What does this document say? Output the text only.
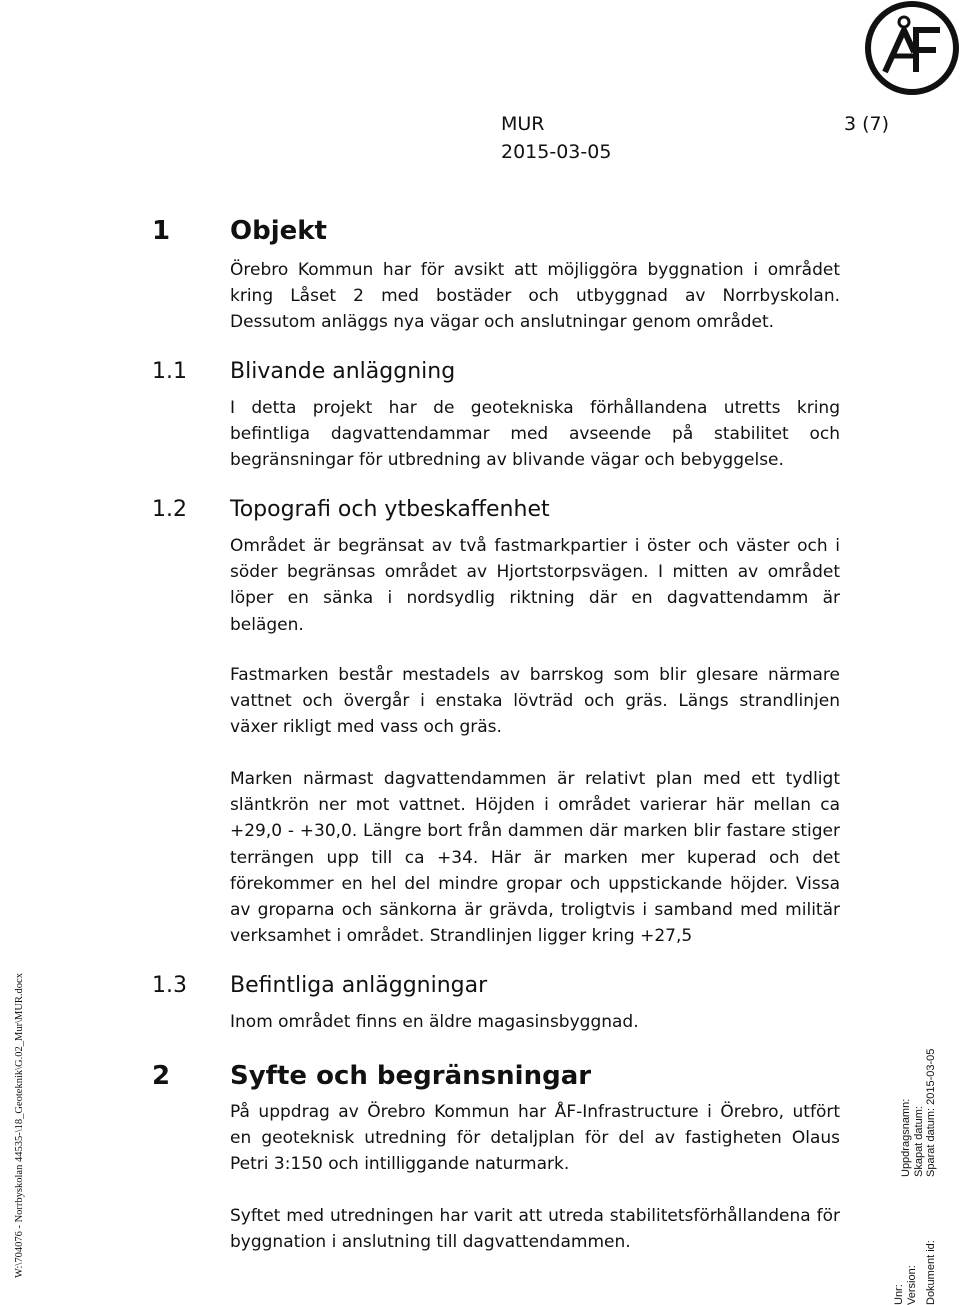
MUR	3 (7)
2015-03-05
1 Objekt
Örebro Kommun har för avsikt att möjliggöra byggnation i området
kring Låset 2 med bostäder och utbyggnad av Norrbyskolan.
Dessutom anläggs nya vägar och anslutningar genom området.
1.1 Blivande anläggning
I detta projekt har de geotekniska förhållandena utretts kring
befintliga dagvattendammar med avseende på stabilitet och
begränsningar för utbredning av blivande vägar och bebyggelse.
1.2 Topografi och ytbeskaffenhet
Området är begränsat av två fastmarkpartier i öster och väster och i
söder begränsas området av Hjortstorpsvägen. I mitten av området
löper en sänka i nordsydlig riktning där en dagvattendamm är
belägen.
Fastmarken består mestadels av barrskog som blir glesare närmare
vattnet och övergår i enstaka lövträd och gräs. Längs strandlinjen
växer rikligt med vass och gräs.
Marken närmast dagvattendammen är relativt plan med ett tydligt
släntkrön ner mot vattnet. Höjden i området varierar här mellan ca
+29,0 - +30,0. Längre bort från dammen där marken blir fastare stiger
terrängen upp till ca +34. Här är marken mer kuperad och det
förekommer en hel del mindre gropar och uppstickande höjder. Vissa
av groparna och sänkorna är grävda, troligtvis i samband med militär
verksamhet i området. Strandlinjen ligger kring +27,5
1.3 Befintliga anläggningar
Inom området finns en äldre magasinsbyggnad.
2 Syfte och begränsningar
På uppdrag av Örebro Kommun har ÅF-Infrastructure i Örebro, utfört
en geoteknisk utredning för detaljplan för del av fastigheten Olaus
Petri 3:150 och intilliggande naturmark.
Syftet med utredningen har varit att utreda stabilitetsförhållandena för
byggnation i anslutning till dagvattendammen.
W:\704076 - Norrbyskolan 44535-\18_Geoteknik\G.02_Mur\MUR.docx
Unr:
Uppdragsnamn:
Version:
Skapat datum:
Dokument id:
Sparat datum: 2015-03-05
